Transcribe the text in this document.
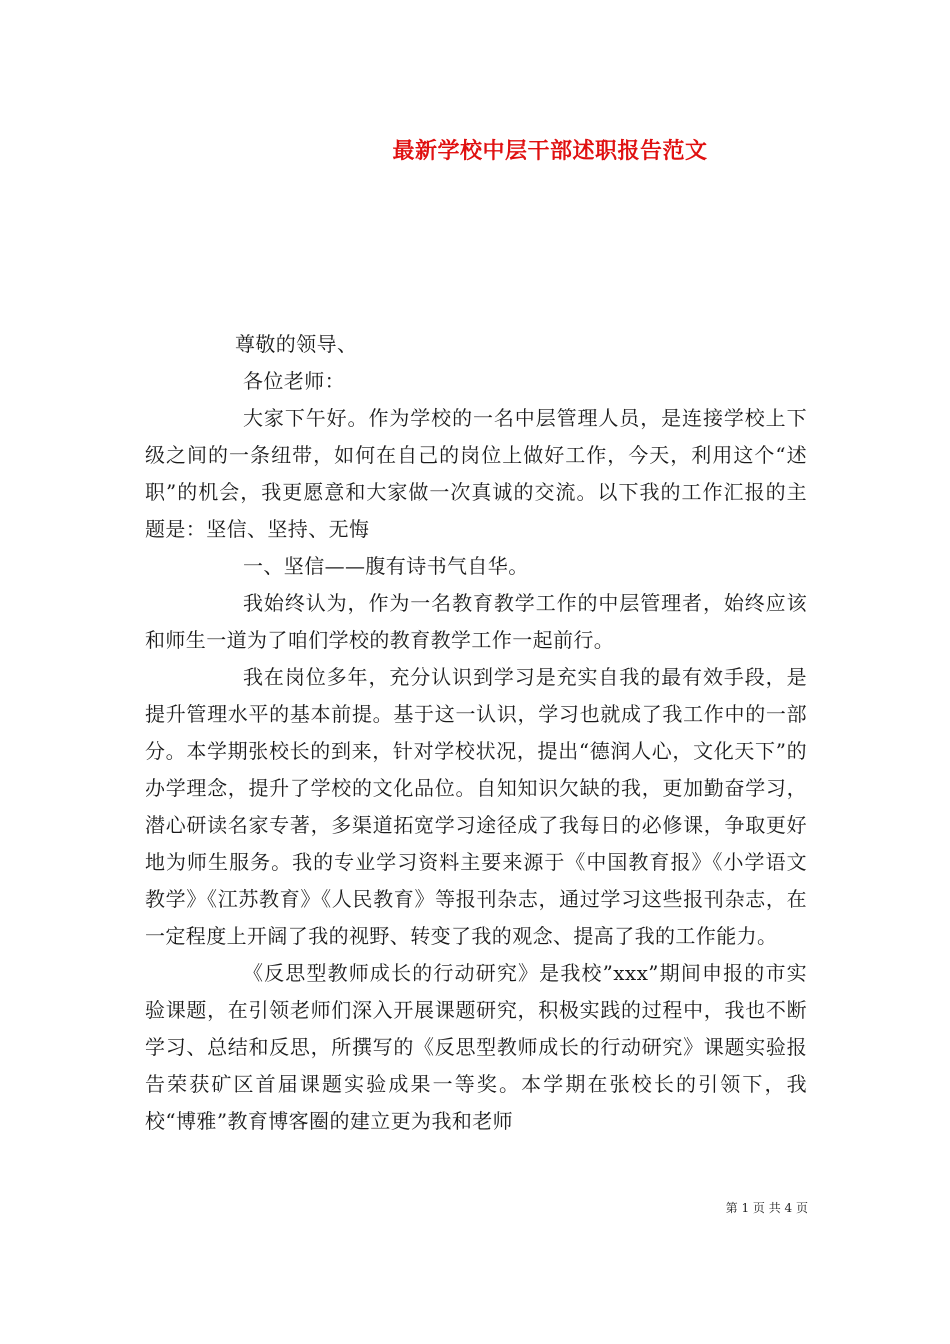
最新学校中层干部述职报告范文

尊敬的领导、

各位老师：

大家下午好。作为学校的一名中层管理人员，是连接学校上下级之间的一条纽带，如何在自己的岗位上做好工作，今天，利用这个“述职”的机会，我更愿意和大家做一次真诚的交流。以下我的工作汇报的主题是：坚信、坚持、无悔

一、坚信——腹有诗书气自华。

我始终认为，作为一名教育教学工作的中层管理者，始终应该和师生一道为了咱们学校的教育教学工作一起前行。

我在岗位多年，充分认识到学习是充实自我的最有效手段，是提升管理水平的基本前提。基于这一认识，学习也就成了我工作中的一部分。本学期张校长的到来，针对学校状况，提出“德润人心，文化天下”的办学理念，提升了学校的文化品位。自知知识欠缺的我，更加勤奋学习，潜心研读名家专著，多渠道拓宽学习途径成了我每日的必修课，争取更好地为师生服务。我的专业学习资料主要来源于《中国教育报》《小学语文教学》《江苏教育》《人民教育》等报刊杂志，通过学习这些报刊杂志，在一定程度上开阔了我的视野、转变了我的观念、提高了我的工作能力。

《反思型教师成长的行动研究》是我校”xxx”期间申报的市实验课题，在引领老师们深入开展课题研究，积极实践的过程中，我也不断学习、总结和反思，所撰写的《反思型教师成长的行动研究》课题实验报告荣获矿区首届课题实验成果一等奖。本学期在张校长的引领下，我校“博雅”教育博客圈的建立更为我和老师

第 1 页 共 4 页
